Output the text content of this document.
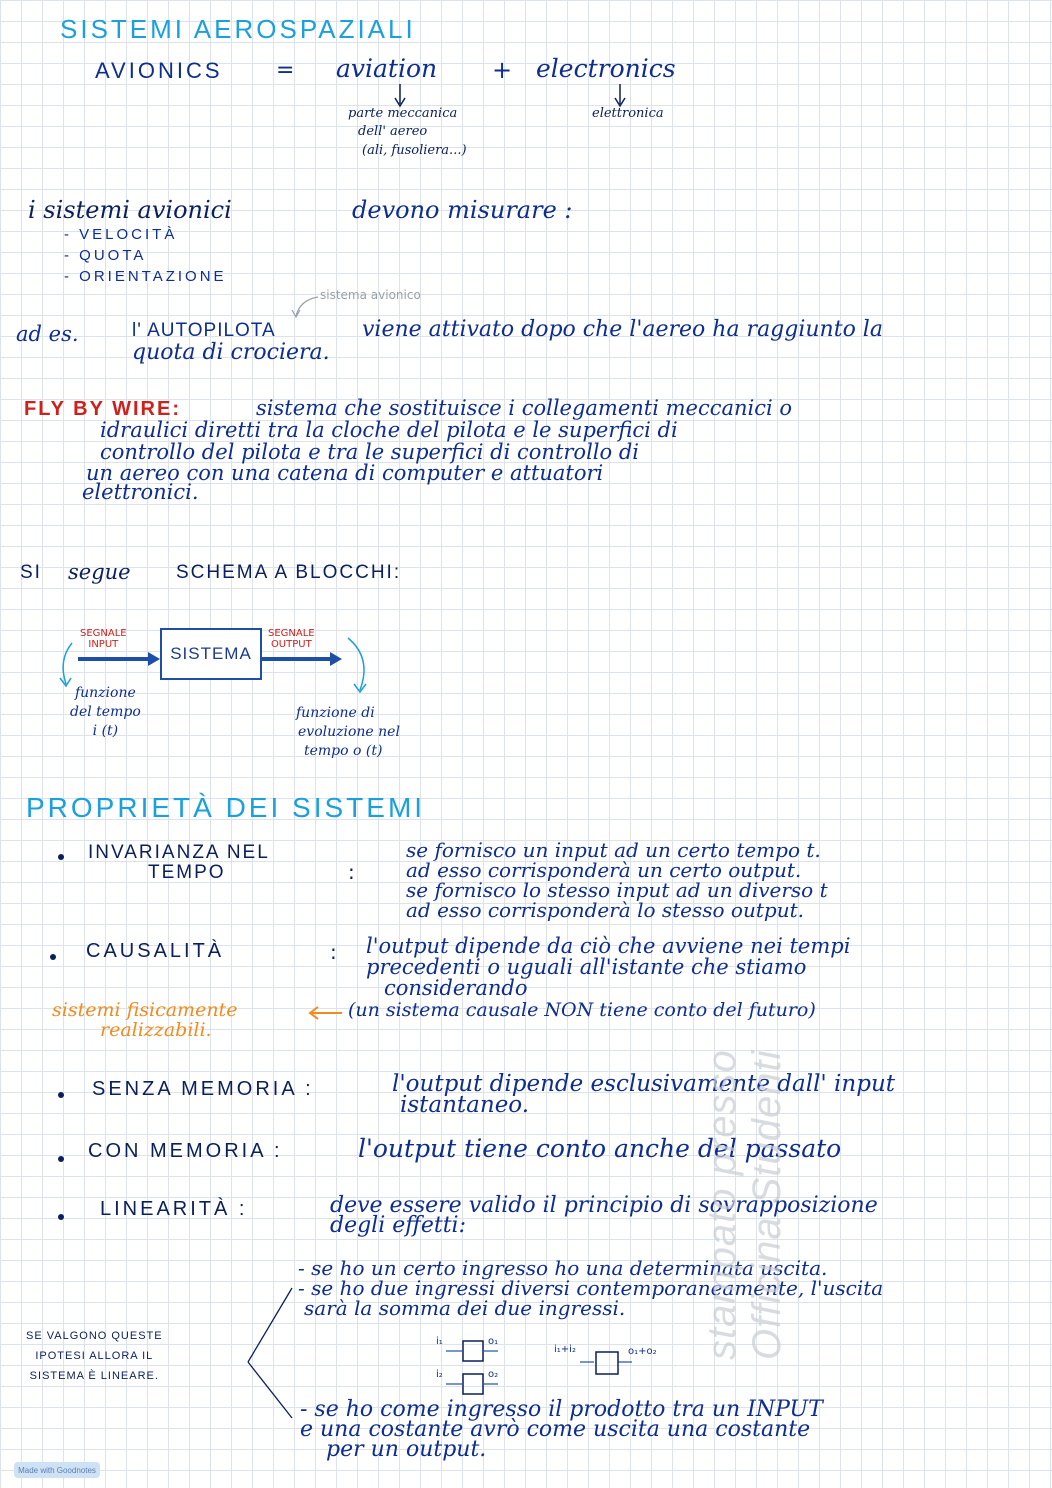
SISTEMI AEROSPAZIALI
AVIONICS = aviation + electronics
parte meccanica
dell' aereo
(ali, fusoliera...)
elettronica
i sistemi avionici	devono misurare :
- VELOCITÀ
- QUOTA
- ORIENTAZIONE
sistema avionico
ad es.	l' AUTOPILOTA	viene attivato dopo che l'aereo ha raggiunto la
quota di crociera.
FLY BY WIRE:	sistema che sostituisce i collegamenti meccanici o
idraulici diretti tra la cloche del pilota e le superfici di
controllo del pilota e tra le superfici di controllo di
un aereo con una catena di computer e attuatori
elettronici.
SI segue SCHEMA A BLOCCHI:
SEGNALE
INPUT	SISTEMA
SEGNALE
OUTPUT
funzione
del tempo
i (t)
funzione di
evoluzione nel
tempo o (t)
PROPRIETÀ DEI SISTEMI
INVARIANZA NEL
TEMPO	:
se fornisco un input ad un certo tempo t.
ad esso corrisponderà un certo output.
se fornisco lo stesso input ad un diverso t
ad esso corrisponderà lo stesso output.
CAUSALITÀ	: l'output dipende da ciò che avviene nei tempi
precedenti o uguali all'istante che stiamo
considerando
sistemi fisicamente
realizzabili.
(un sistema causale NON tiene conto del futuro)
SENZA MEMORIA :	l'output dipende esclusivamente dall' input
istantaneo.
CON MEMORIA :	l'output tiene conto anche del passato
LINEARITÀ :	deve essere valido il principio di sovrapposizione
degli effetti:
- se ho un certo ingresso ho una determinata uscita.
- se ho due ingressi diversi contemporaneamente, l'uscita
sarà la somma dei due ingressi.
SE VALGONO QUESTE
IPOTESI ALLORA IL
SISTEMA È LINEARE.
i₁	o₁
i₂	o₂
i₁+i₂	o₁+o₂
- se ho come ingresso il prodotto tra un INPUT
e una costante avrò come uscita una costante
per un output.
stampato presso Officina Studenti
Made with Goodnotes
